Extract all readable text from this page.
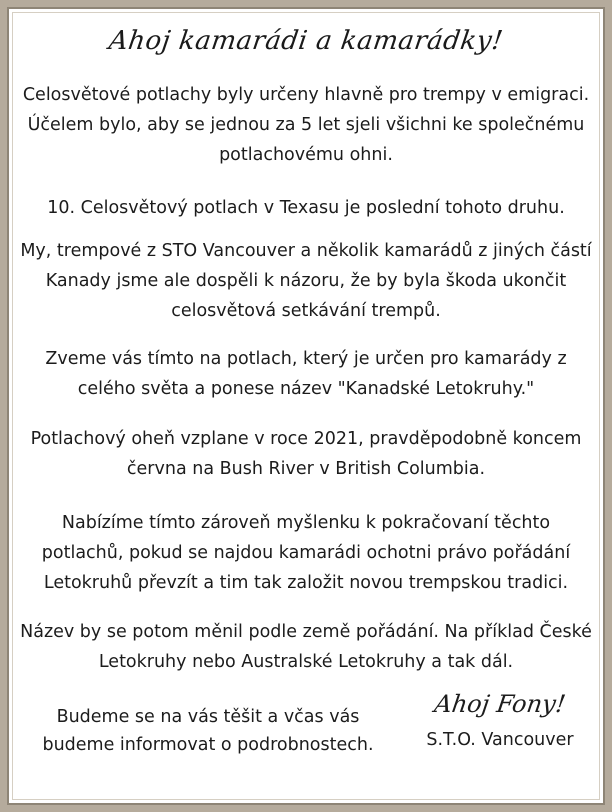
Ahoj kamarádi a kamarádky!

Celosvětové potlachy byly určeny hlavně pro trempy v emigraci. Účelem bylo, aby se jednou za 5 let sjeli všichni ke společnému potlachovému ohni.

10. Celosvětový potlach v Texasu je poslední tohoto druhu.

My, trempové z STO Vancouver a několik kamarádů z jiných částí Kanady jsme ale dospěli k názoru, že by byla škoda ukončit celosvětová setkávání trempů.

Zveme vás tímto na potlach, který je určen pro kamarády z celého světa a ponese název "Kanadské Letokruhy."

Potlachový oheň vzplane v roce 2021, pravděpodobně koncem června na Bush River v British Columbia.

Nabízíme tímto zároveň myšlenku k pokračovaní těchto potlachů, pokud se najdou kamarádi ochotni právo pořádání Letokruhů převzít a tim tak založit novou trempskou tradici.

Název by se potom měnil podle země pořádání. Na příklad České Letokruhy nebo Australské Letokruhy a tak dál.

Budeme se na vás těšit a včas vás budeme informovat o podrobnostech.
Ahoj Fony!
S.T.O. Vancouver
